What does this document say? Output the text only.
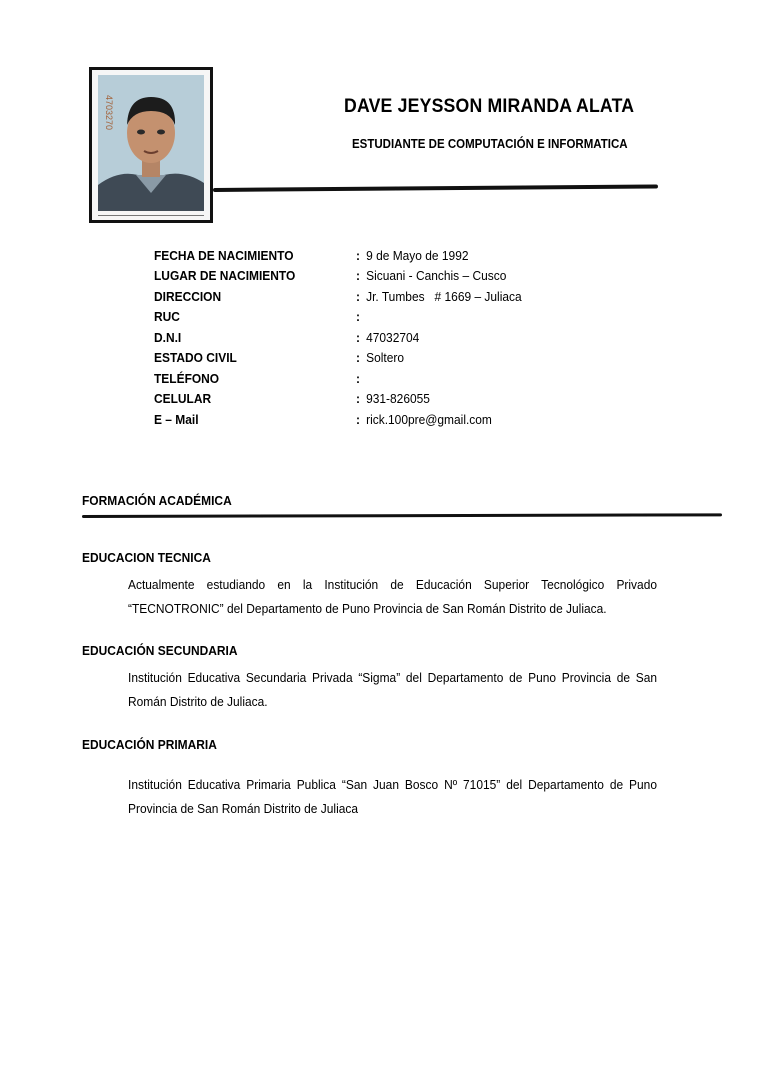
4703270	DAVE JEYSSON MIRANDA ALATA
ESTUDIANTE DE COMPUTACIÓN E INFORMATICA
FECHA DE NACIMIENTO	: 9 de Mayo de 1992
LUGAR DE NACIMIENTO	: Sicuani - Canchis – Cusco
DIRECCION	: Jr. Tumbes   # 1669 – Juliaca
RUC	:
D.N.I	: 47032704
ESTADO CIVIL	: Soltero
TELÉFONO	:
CELULAR	: 931-826055
E – Mail	: rick.100pre@gmail.com
FORMACIÓN ACADÉMICA
EDUCACION TECNICA
Actualmente estudiando en la Institución de Educación Superior Tecnológico Privado “TECNOTRONIC” del Departamento de Puno Provincia de San Román Distrito de Juliaca.
EDUCACIÓN SECUNDARIA
Institución Educativa Secundaria Privada “Sigma” del Departamento de Puno Provincia de San Román Distrito de Juliaca.
EDUCACIÓN PRIMARIA
Institución Educativa Primaria Publica “San Juan Bosco Nº 71015” del Departamento de Puno Provincia de San Román Distrito de Juliaca
